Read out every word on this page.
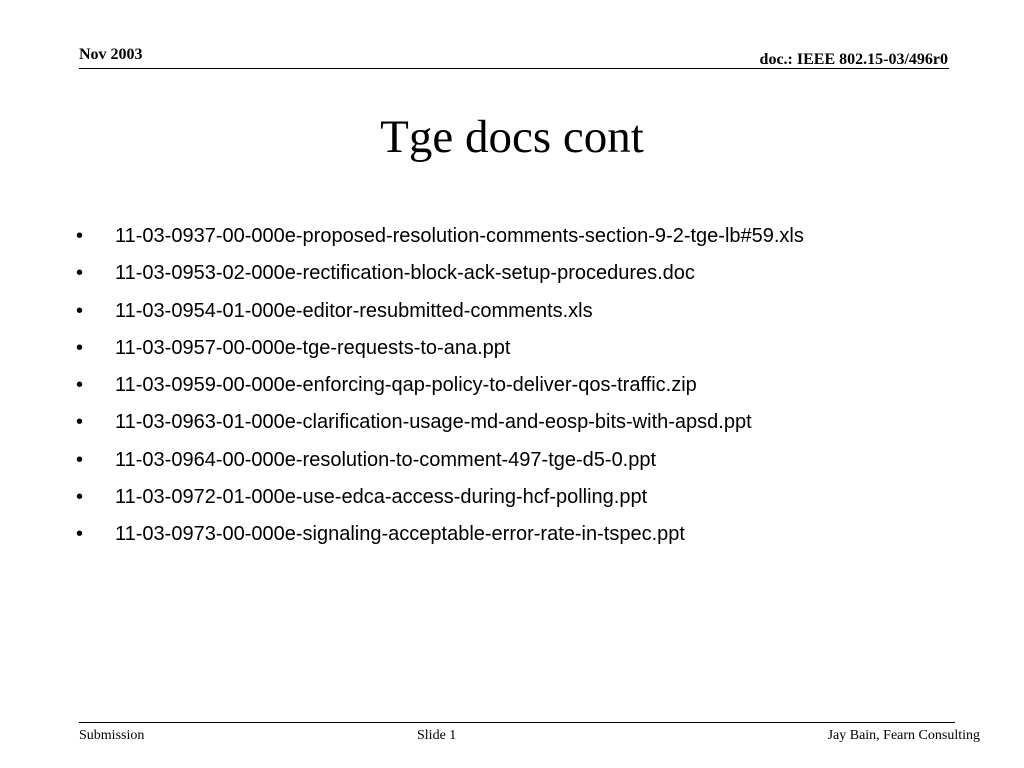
Nov 2003	doc.: IEEE 802.15-03/496r0
Tge docs cont
• 11-03-0937-00-000e-proposed-resolution-comments-section-9-2-tge-lb#59.xls
• 11-03-0953-02-000e-rectification-block-ack-setup-procedures.doc
• 11-03-0954-01-000e-editor-resubmitted-comments.xls
• 11-03-0957-00-000e-tge-requests-to-ana.ppt
• 11-03-0959-00-000e-enforcing-qap-policy-to-deliver-qos-traffic.zip
• 11-03-0963-01-000e-clarification-usage-md-and-eosp-bits-with-apsd.ppt
• 11-03-0964-00-000e-resolution-to-comment-497-tge-d5-0.ppt
• 11-03-0972-01-000e-use-edca-access-during-hcf-polling.ppt
• 11-03-0973-00-000e-signaling-acceptable-error-rate-in-tspec.ppt
Submission	Slide 1	Jay Bain, Fearn Consulting
